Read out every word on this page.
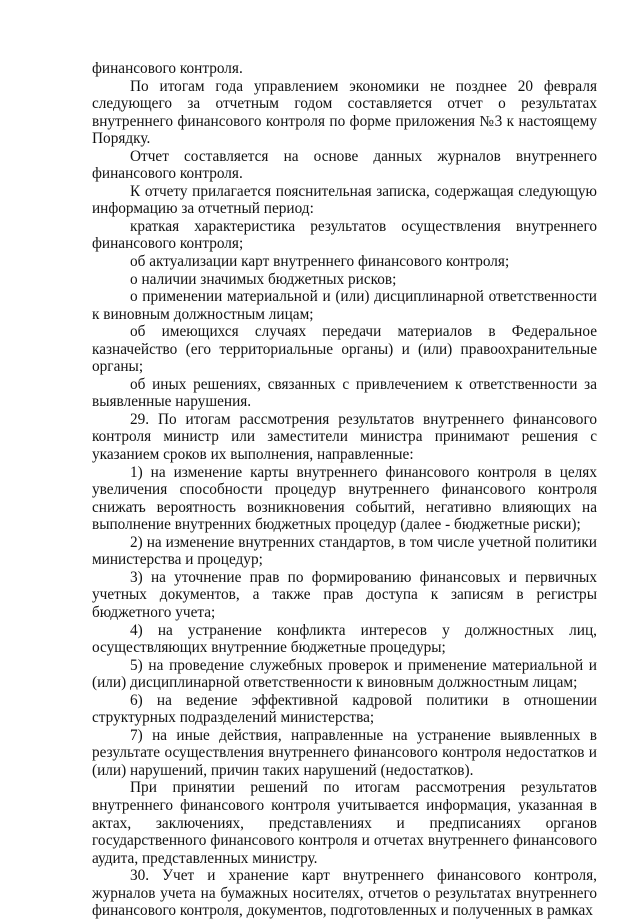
финансового контроля.

По итогам года управлением экономики не позднее 20 февраля следующего за отчетным годом составляется отчет о результатах внутреннего финансового контроля по форме приложения №3 к настоящему Порядку.

Отчет составляется на основе данных журналов внутреннего финансового контроля.

К отчету прилагается пояснительная записка, содержащая следующую информацию за отчетный период:

краткая характеристика результатов осуществления внутреннего финансового контроля;

об актуализации карт внутреннего финансового контроля;

о наличии значимых бюджетных рисков;

о применении материальной и (или) дисциплинарной ответственности к виновным должностным лицам;

об имеющихся случаях передачи материалов в Федеральное казначейство (его территориальные органы) и (или) правоохранительные органы;

об иных решениях, связанных с привлечением к ответственности за выявленные нарушения.

29. По итогам рассмотрения результатов внутреннего финансового контроля министр или заместители министра принимают решения с указанием сроков их выполнения, направленные:

1) на изменение карты внутреннего финансового контроля в целях увеличения способности процедур внутреннего финансового контроля снижать вероятность возникновения событий, негативно влияющих на выполнение внутренних бюджетных процедур (далее - бюджетные риски);

2) на изменение внутренних стандартов, в том числе учетной политики министерства и процедур;

3) на уточнение прав по формированию финансовых и первичных учетных документов, а также прав доступа к записям в регистры бюджетного учета;

4) на устранение конфликта интересов у должностных лиц, осуществляющих внутренние бюджетные процедуры;

5) на проведение служебных проверок и применение материальной и (или) дисциплинарной ответственности к виновным должностным лицам;

6) на ведение эффективной кадровой политики в отношении структурных подразделений министерства;

7) на иные действия, направленные на устранение выявленных в результате осуществления внутреннего финансового контроля недостатков и (или) нарушений, причин таких нарушений (недостатков).

При принятии решений по итогам рассмотрения результатов внутреннего финансового контроля учитывается информация, указанная в актах, заключениях, представлениях и предписаниях органов государственного финансового контроля и отчетах внутреннего финансового аудита, представленных министру.

30. Учет и хранение карт внутреннего финансового контроля, журналов учета на бумажных носителях, отчетов о результатах внутреннего финансового контроля, документов, подготовленных и полученных в рамках
